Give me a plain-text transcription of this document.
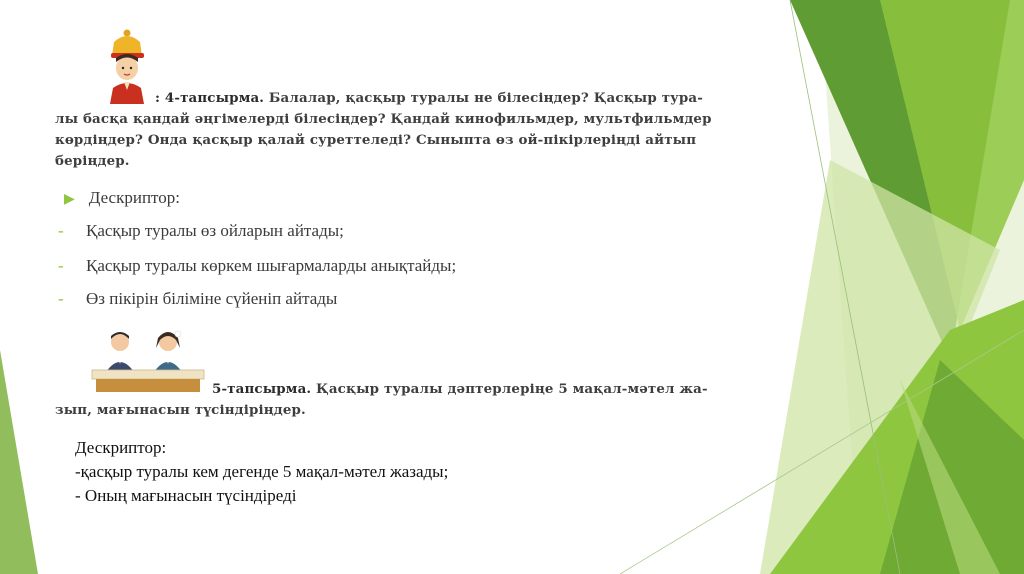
: 4-тапсырма. Балалар, қасқыр туралы не білесіңдер? Қасқыр тура-
лы басқа қандай әңгімелерді білесіңдер? Қандай кинофильмдер, мультфильмдер
көрдіңдер? Онда қасқыр қалай суреттеледі? Сыныпта өз ой-пікірлеріңді айтып
беріңдер.
▶ Дескриптор:
- Қасқыр туралы өз ойларын айтады;
- Қасқыр туралы көркем шығармаларды анықтайды;
- Өз пікірін біліміне сүйеніп айтады
5-тапсырма. Қасқыр туралы дәптерлеріңе 5 мақал-мәтел жа-
зып, мағынасын түсіндіріңдер.
Дескриптор:
-қасқыр туралы кем дегенде 5 мақал-мәтел жазады;
- Оның мағынасын түсіндіреді
